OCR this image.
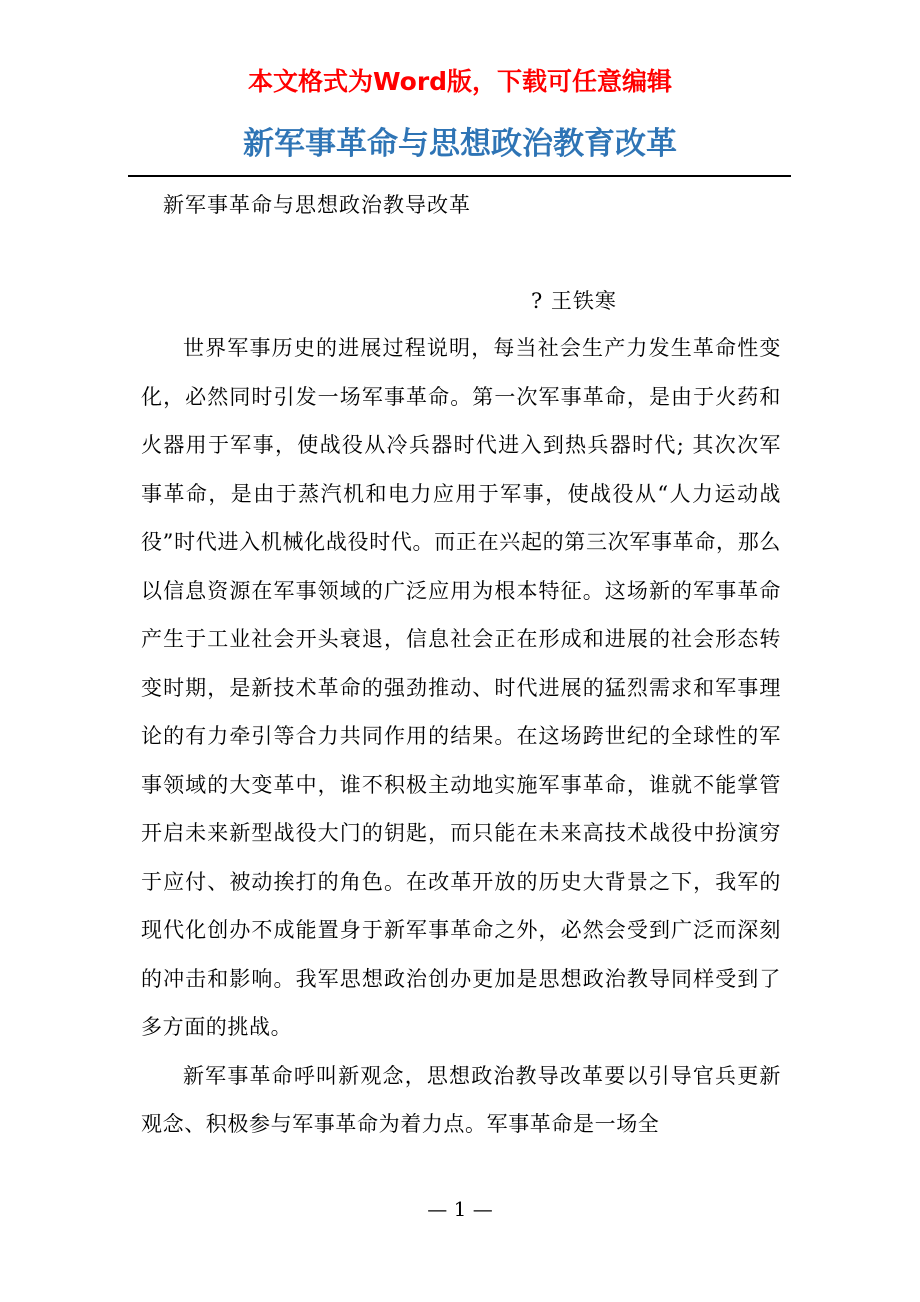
本文格式为Word版，下载可任意编辑
新军事革命与思想政治教育改革

新军事革命与思想政治教导改革

? 王铁寒

世界军事历史的进展过程说明，每当社会生产力发生革命性变化，必然同时引发一场军事革命。第一次军事革命，是由于火药和火器用于军事，使战役从冷兵器时代进入到热兵器时代; 其次次军事革命，是由于蒸汽机和电力应用于军事，使战役从“人力运动战役”时代进入机械化战役时代。而正在兴起的第三次军事革命，那么以信息资源在军事领域的广泛应用为根本特征。这场新的军事革命产生于工业社会开头衰退，信息社会正在形成和进展的社会形态转变时期，是新技术革命的强劲推动、时代进展的猛烈需求和军事理论的有力牵引等合力共同作用的结果。在这场跨世纪的全球性的军事领域的大变革中，谁不积极主动地实施军事革命，谁就不能掌管开启未来新型战役大门的钥匙，而只能在未来高技术战役中扮演穷于应付、被动挨打的角色。在改革开放的历史大背景之下，我军的现代化创办不成能置身于新军事革命之外，必然会受到广泛而深刻的冲击和影响。我军思想政治创办更加是思想政治教导同样受到了多方面的挑战。

新军事革命呼叫新观念，思想政治教导改革要以引导官兵更新观念、积极参与军事革命为着力点。军事革命是一场全

— 1 —
